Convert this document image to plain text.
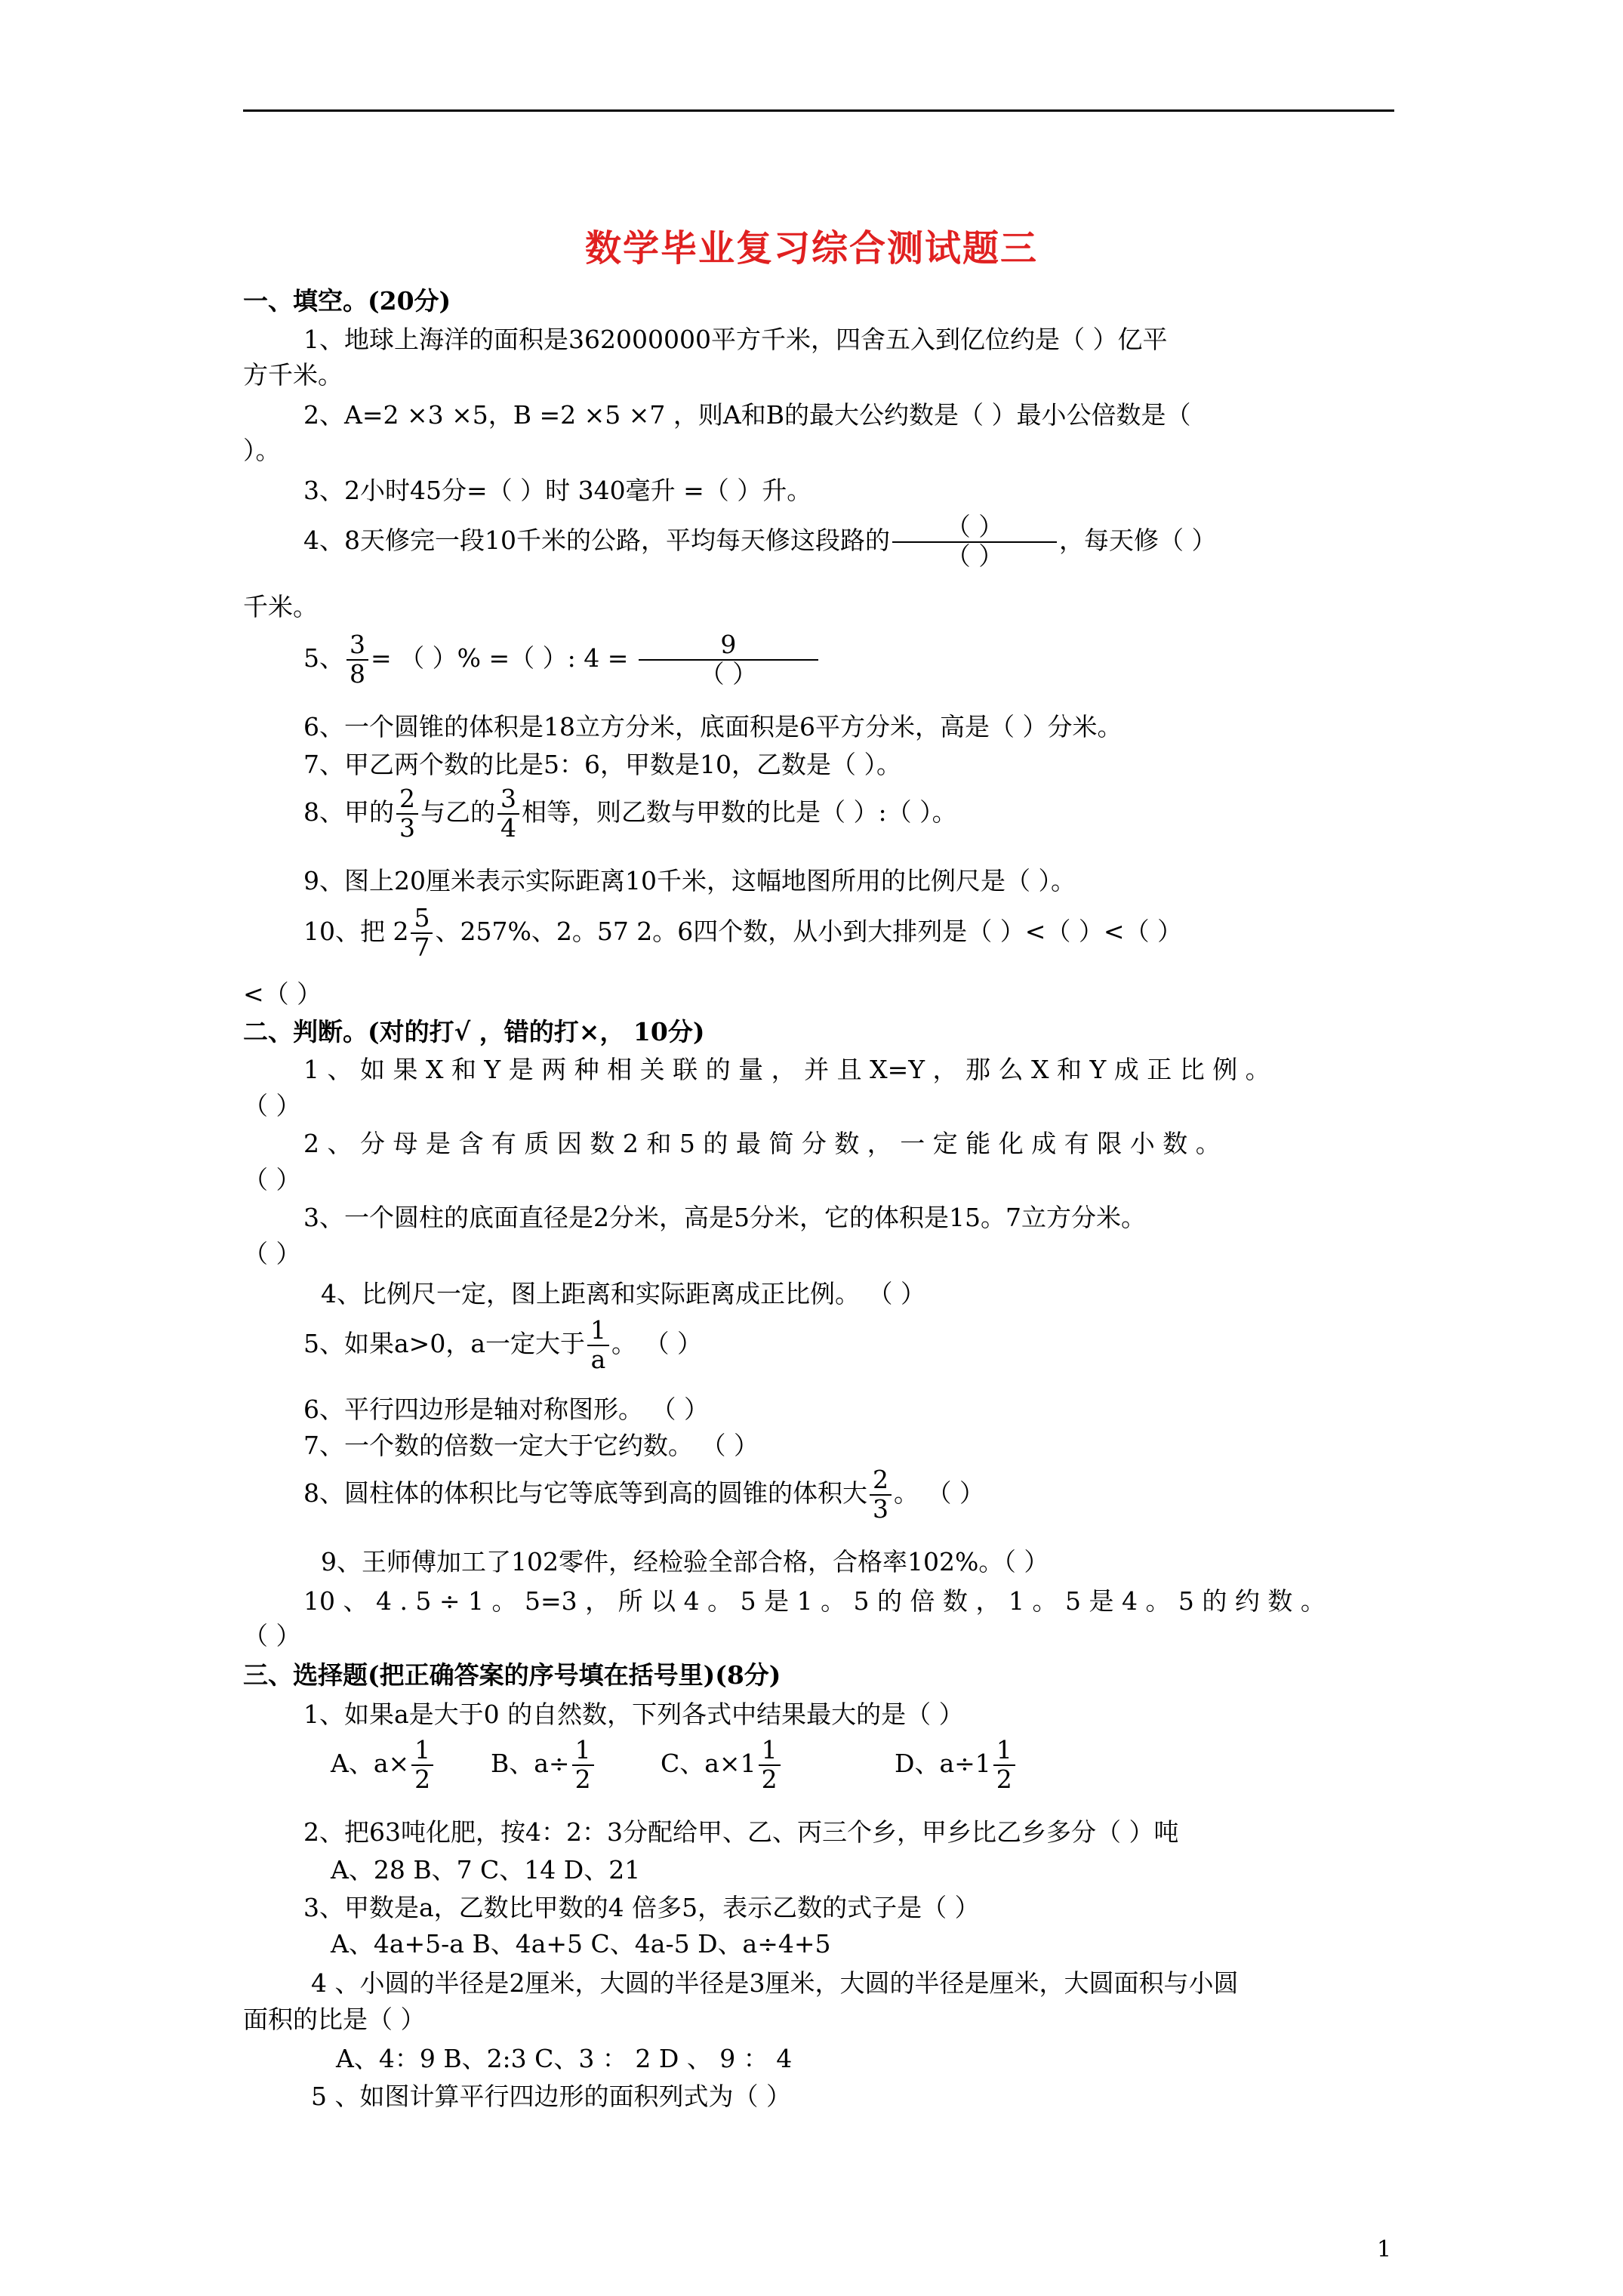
数学毕业复习综合测试题三
一、填空。(20分)
1、地球上海洋的面积是362000000平方千米，四舍五入到亿位约是（ ）亿平
方千米。
2、A=2 ×3 ×5，B =2 ×5 ×7 ，则A和B的最大公约数是（ ）最小公倍数是（
）。
3、2小时45分=（ ）时 340毫升 =（ ）升。
4、8天修完一段10千米的公路，平均每天修这段路的 $\frac{( )}{( )}$ ，每天修（ ）
千米。
5、 $\frac{3}{8}$ = （ ）% =（ ）: $4 = \frac{9}{( )}$
6、一个圆锥的体积是18立方分米，底面积是6平方分米，高是（ ）分米。
7、甲乙两个数的比是5：6，甲数是10，乙数是（ ）。
8、甲的 $\frac{2}{3}$ 与乙的 $\frac{3}{4}$ 相等，则乙数与甲数的比是（ ）:（ ）。
9、图上20厘米表示实际距离10千米，这幅地图所用的比例尺是（ ）。
10、把 $2 \frac{5}{7}$ 、257%、2。57 2。6四个数，从小到大排列是（ ）<（ ）<（ ）
<（ ）
二、判断。(对的打√ ，错的打×， 10分)
1 、 如 果 X 和 Y 是 两 种 相 关 联 的 量 ， 并 且 X=Y ， 那 么 X 和 Y 成 正 比 例 。
（ ）
2 、 分 母 是 含 有 质 因 数 2 和 5 的 最 简 分 数 ， 一 定 能 化 成 有 限 小 数 。
（ ）
3、一个圆柱的底面直径是2分米，高是5分米，它的体积是15。7立方分米。
（ ）
4、比例尺一定，图上距离和实际距离成正比例。 （ ）
5、如果a>0，a一定大于 $\frac{1}{a}$ 。 （ ）
6、平行四边形是轴对称图形。 （ ）
7、一个数的倍数一定大于它约数。 （ ）
8、圆柱体的体积比与它等底等到高的圆锥的体积大 $\frac{2}{3}$ 。 （ ）
9、王师傅加工了102零件，经检验全部合格，合格率102%。（ ）
10 、 4 . 5 ÷ 1 。 5=3 ， 所 以 4 。 5 是 1 。 5 的 倍 数 ， 1 。 5 是 4 。 5 的 约 数 。
（ ）
三、选择题(把正确答案的序号填在括号里)(8分)
1、如果a是大于0 的自然数，下列各式中结果最大的是（ ）
A、$a\times \frac{1}{2}$ B、$a\div \frac{1}{2}$	C、$a\times 1 \frac{1}{2}$	D、$a\div 1 \frac{1}{2}$
2、把63吨化肥，按4：2：3分配给甲、乙、丙三个乡，甲乡比乙乡多分（ ）吨
A、28 B、7 C、14 D、21
3、甲数是a，乙数比甲数的4 倍多5，表示乙数的式子是（ ）
A、4a+5-a B、4a+5 C、4a-5 D、a÷4+5
4 、小圆的半径是2厘米，大圆的半径是3厘米，大圆的半径是厘米，大圆面积与小圆
面积的比是（ ）
A、4：9 B、2:3 C、3 ： 2 D 、 9 ： 4
5 、如图计算平行四边形的面积列式为（ ）
1
